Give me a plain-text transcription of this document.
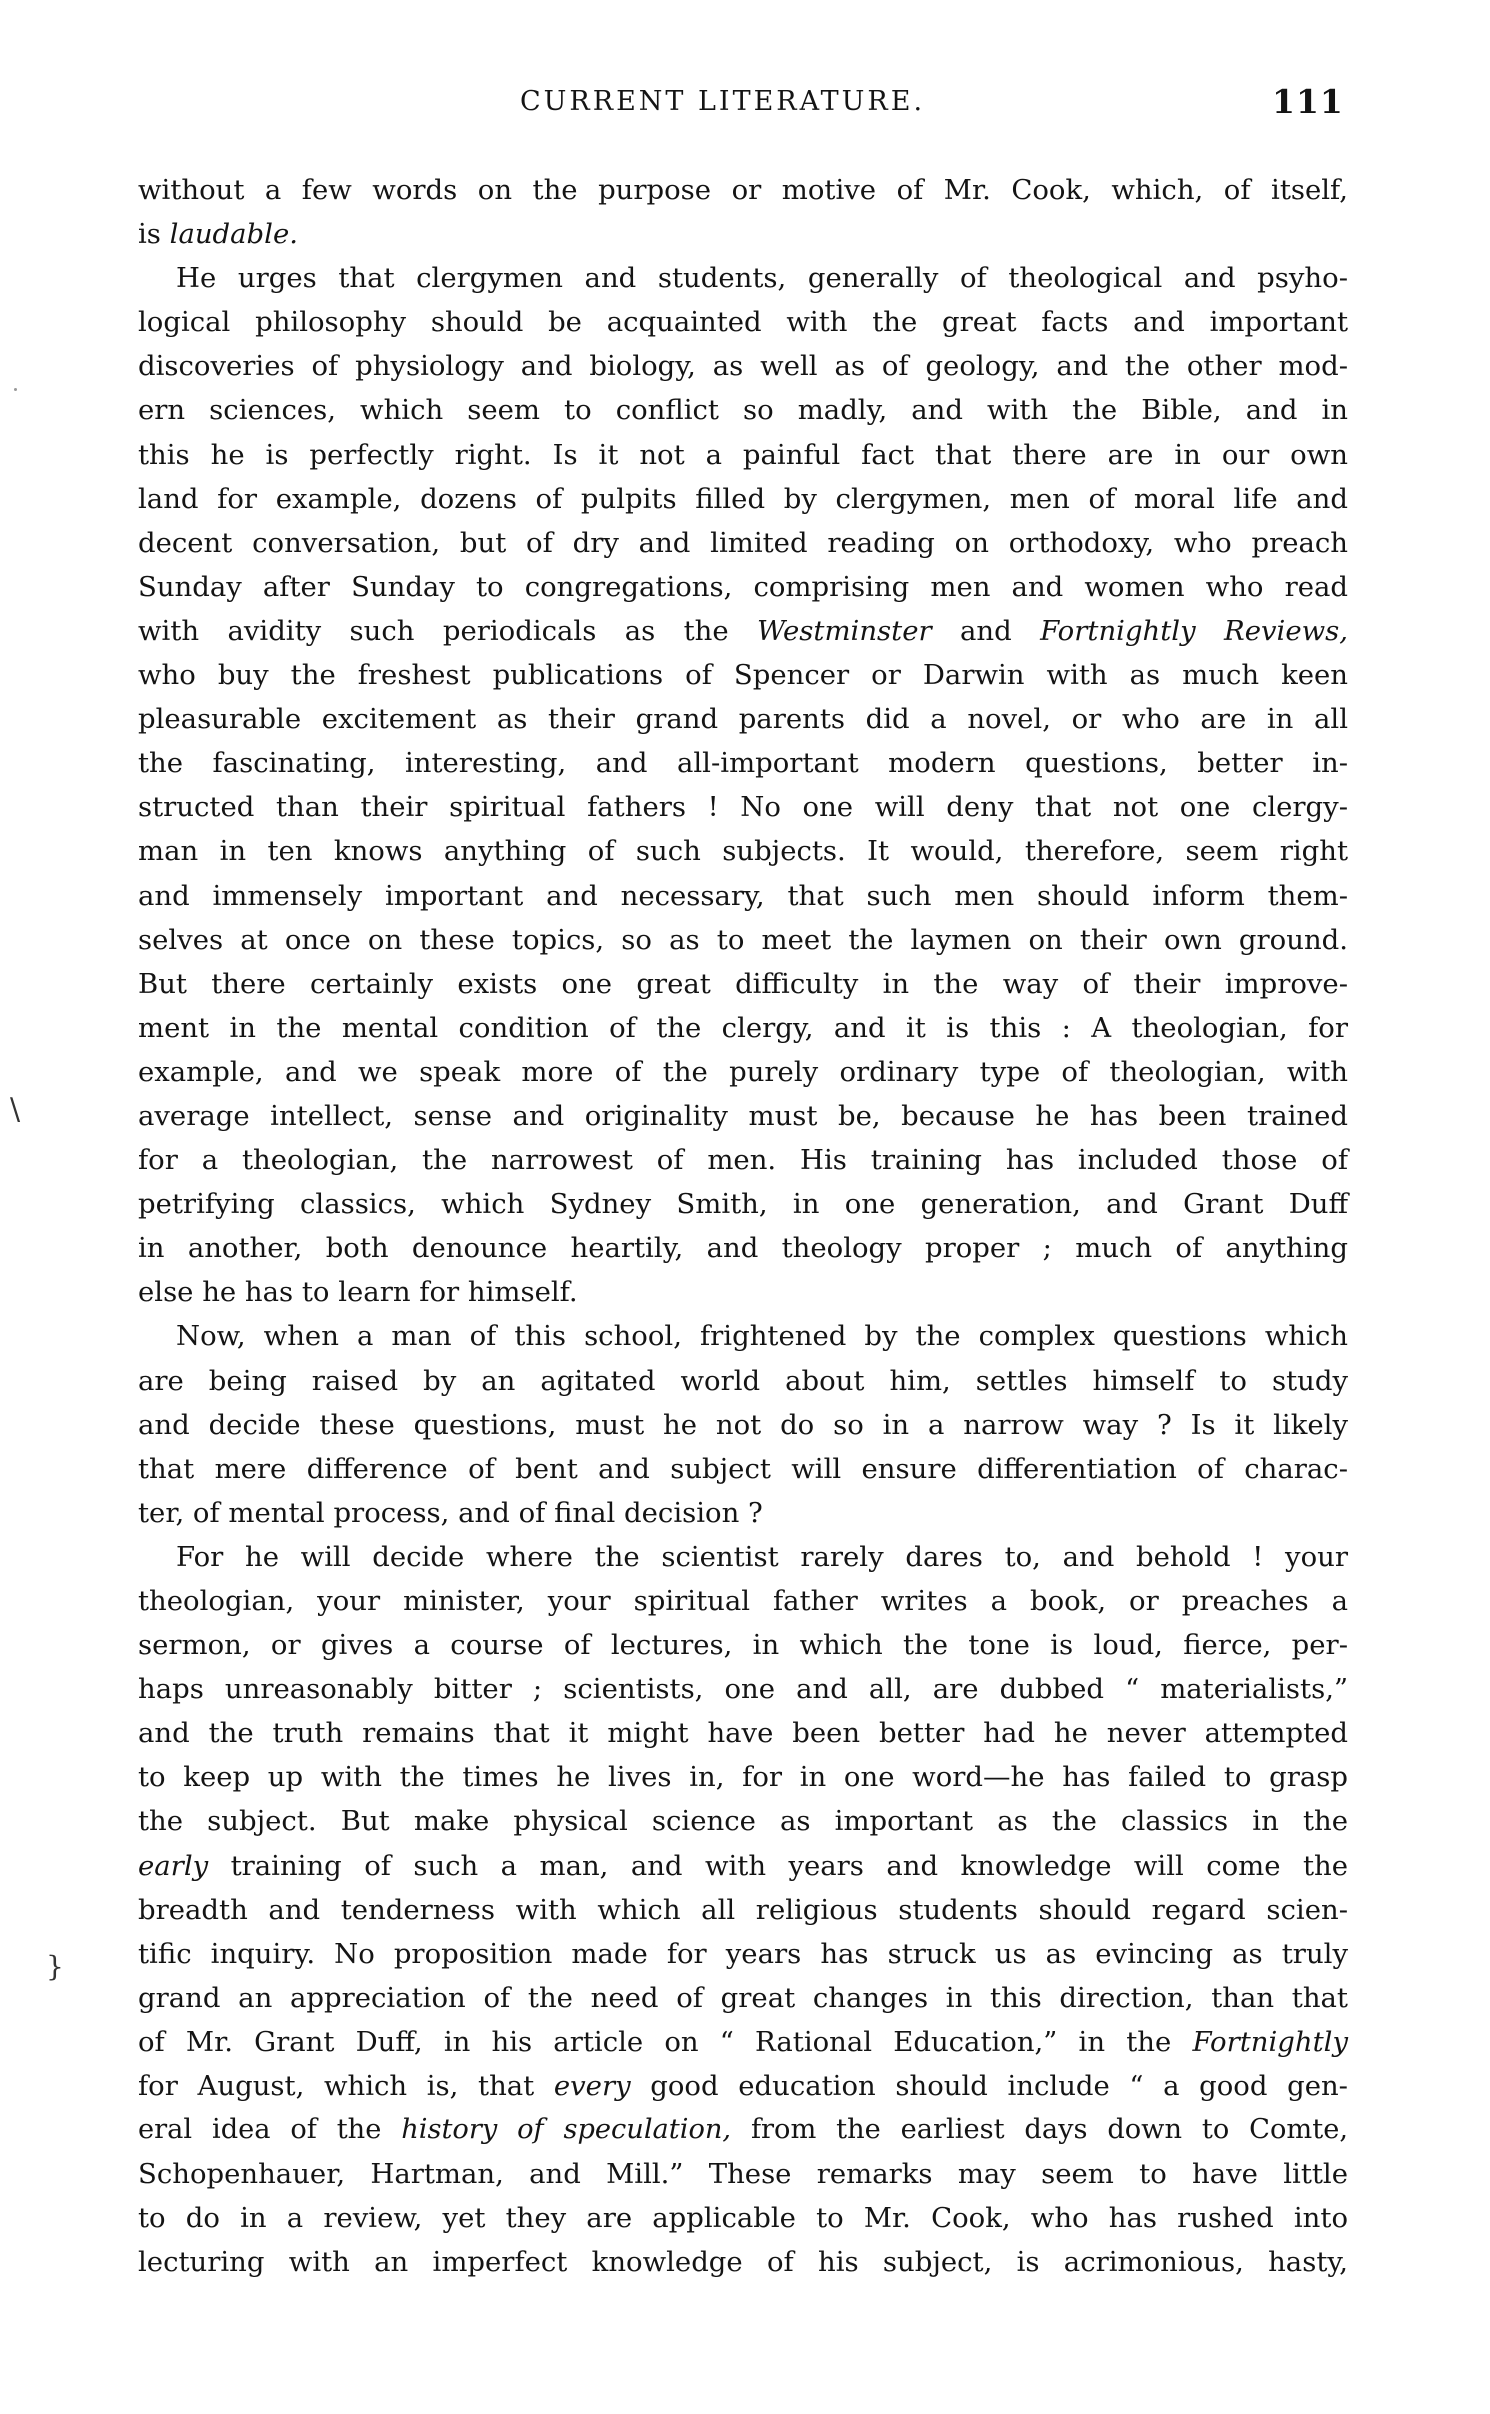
CURRENT LITERATURE.	111
without a few words on the purpose or motive of Mr. Cook, which, of itself,
is laudable.
He urges that clergymen and students, generally of theological and psyho-
logical philosophy should be acquainted with the great facts and important
discoveries of physiology and biology, as well as of geology, and the other mod-
ern sciences, which seem to conflict so madly, and with the Bible, and in
this he is perfectly right. Is it not a painful fact that there are in our own
land for example, dozens of pulpits filled by clergymen, men of moral life and
decent conversation, but of dry and limited reading on orthodoxy, who preach
Sunday after Sunday to congregations, comprising men and women who read
with avidity such periodicals as the Westminster and Fortnightly Reviews,
who buy the freshest publications of Spencer or Darwin with as much keen
pleasurable excitement as their grand parents did a novel, or who are in all
the fascinating, interesting, and all-important modern questions, better in-
structed than their spiritual fathers ! No one will deny that not one clergy-
man in ten knows anything of such subjects. It would, therefore, seem right
and immensely important and necessary, that such men should inform them-
selves at once on these topics, so as to meet the laymen on their own ground.
But there certainly exists one great difficulty in the way of their improve-
ment in the mental condition of the clergy, and it is this : A theologian, for
example, and we speak more of the purely ordinary type of theologian, with
average intellect, sense and originality must be, because he has been trained
for a theologian, the narrowest of men. His training has included those of
petrifying classics, which Sydney Smith, in one generation, and Grant Duff
in another, both denounce heartily, and theology proper ; much of anything
else he has to learn for himself.
Now, when a man of this school, frightened by the complex questions which
are being raised by an agitated world about him, settles himself to study
and decide these questions, must he not do so in a narrow way ? Is it likely
that mere difference of bent and subject will ensure differentiation of charac-
ter, of mental process, and of final decision ?
For he will decide where the scientist rarely dares to, and behold ! your
theologian, your minister, your spiritual father writes a book, or preaches a
sermon, or gives a course of lectures, in which the tone is loud, fierce, per-
haps unreasonably bitter ; scientists, one and all, are dubbed “ materialists,”
and the truth remains that it might have been better had he never attempted
to keep up with the times he lives in, for in one word—he has failed to grasp
the subject. But make physical science as important as the classics in the
early training of such a man, and with years and knowledge will come the
breadth and tenderness with which all religious students should regard scien-
tific inquiry. No proposition made for years has struck us as evincing as truly
grand an appreciation of the need of great changes in this direction, than that
of Mr. Grant Duff, in his article on “ Rational Education,” in the Fortnightly
for August, which is, that every good education should include “ a good gen-
eral idea of the history of speculation, from the earliest days down to Comte,
Schopenhauer, Hartman, and Mill.” These remarks may seem to have little
to do in a review, yet they are applicable to Mr. Cook, who has rushed into
lecturing with an imperfect knowledge of his subject, is acrimonious, hasty,
\
}
